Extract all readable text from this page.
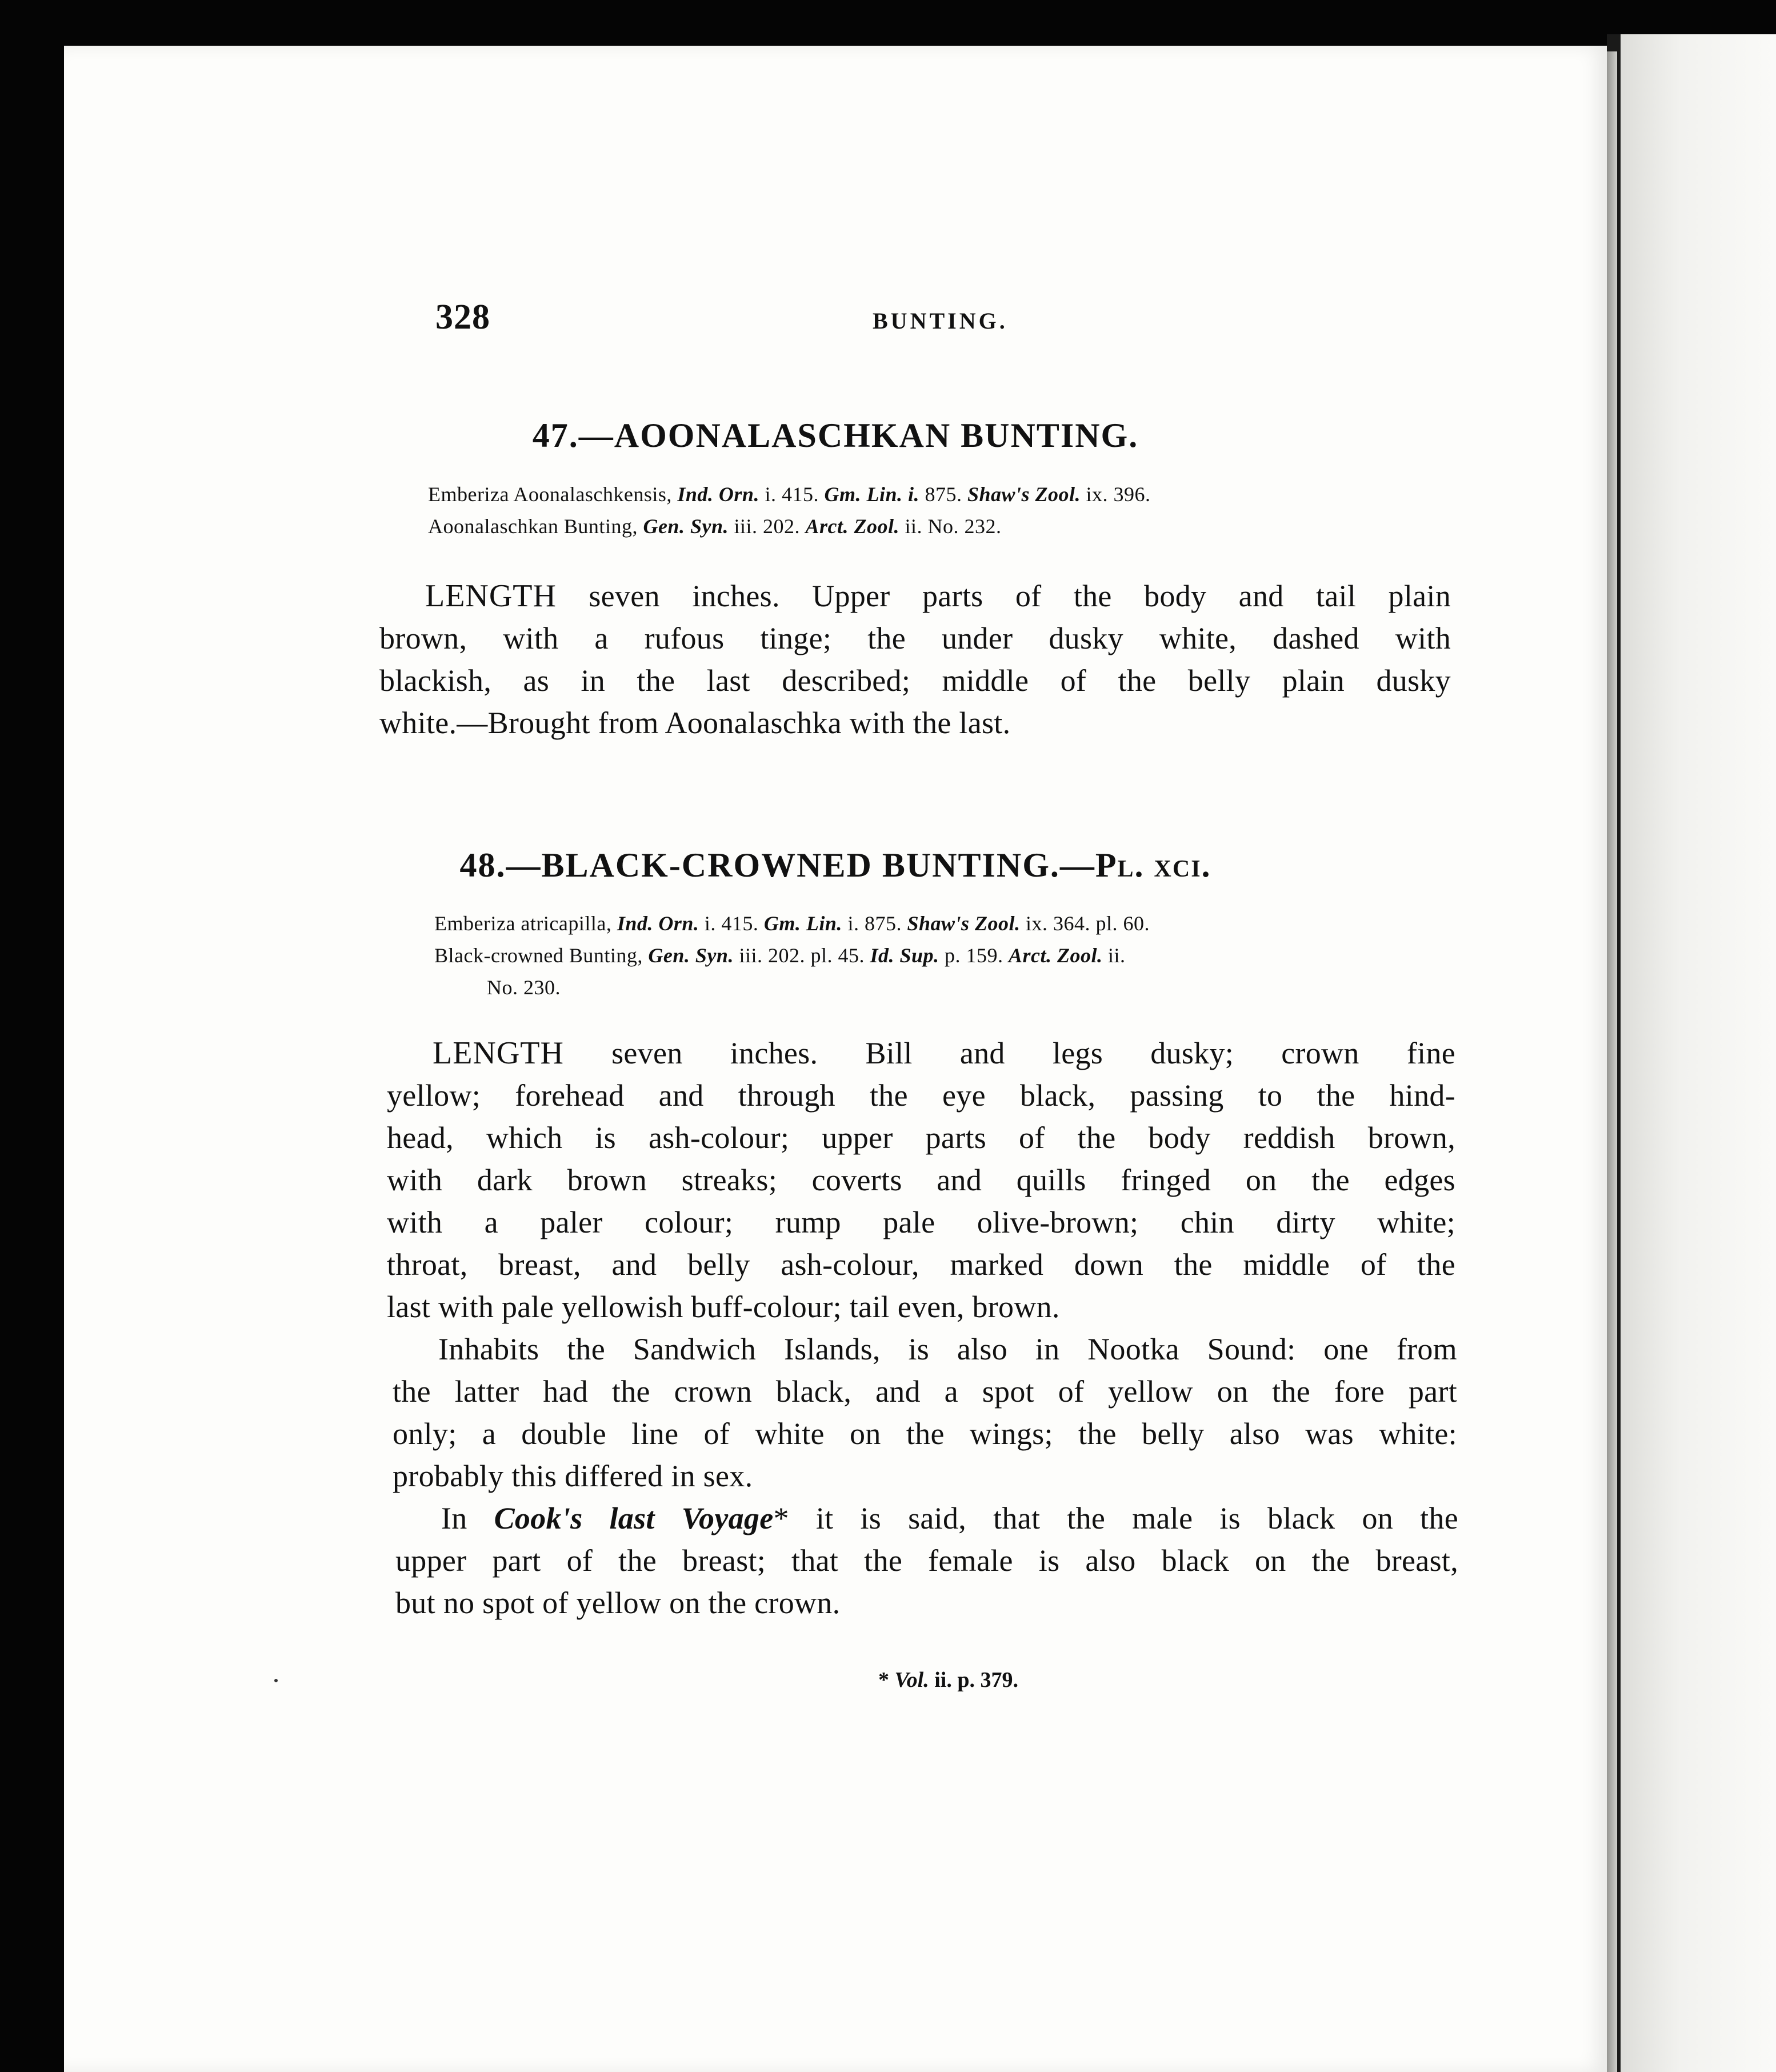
328	BUNTING.
47.—AOONALASCHKAN BUNTING.
Emberiza Aoonalaschkensis, Ind. Orn. i. 415. Gm. Lin. i. 875. Shaw's Zool. ix. 396.
Aoonalaschkan Bunting, Gen. Syn. iii. 202. Arct. Zool. ii. No. 232.
LENGTH seven inches. Upper parts of the body and tail plain
brown, with a rufous tinge; the under dusky white, dashed with
blackish, as in the last described; middle of the belly plain dusky
white.—Brought from Aoonalaschka with the last.
48.—BLACK-CROWNED BUNTING.—Pl. xci.
Emberiza atricapilla, Ind. Orn. i. 415. Gm. Lin. i. 875. Shaw's Zool. ix. 364. pl. 60.
Black-crowned Bunting, Gen. Syn. iii. 202. pl. 45. Id. Sup. p. 159. Arct. Zool. ii.
No. 230.
LENGTH seven inches. Bill and legs dusky; crown fine
yellow; forehead and through the eye black, passing to the hind-
head, which is ash-colour; upper parts of the body reddish brown,
with dark brown streaks; coverts and quills fringed on the edges
with a paler colour; rump pale olive-brown; chin dirty white;
throat, breast, and belly ash-colour, marked down the middle of the
last with pale yellowish buff-colour; tail even, brown.
Inhabits the Sandwich Islands, is also in Nootka Sound: one from
the latter had the crown black, and a spot of yellow on the fore part
only; a double line of white on the wings; the belly also was white:
probably this differed in sex.
In Cook's last Voyage* it is said, that the male is black on the
upper part of the breast; that the female is also black on the breast,
but no spot of yellow on the crown.
* Vol. ii. p. 379.
